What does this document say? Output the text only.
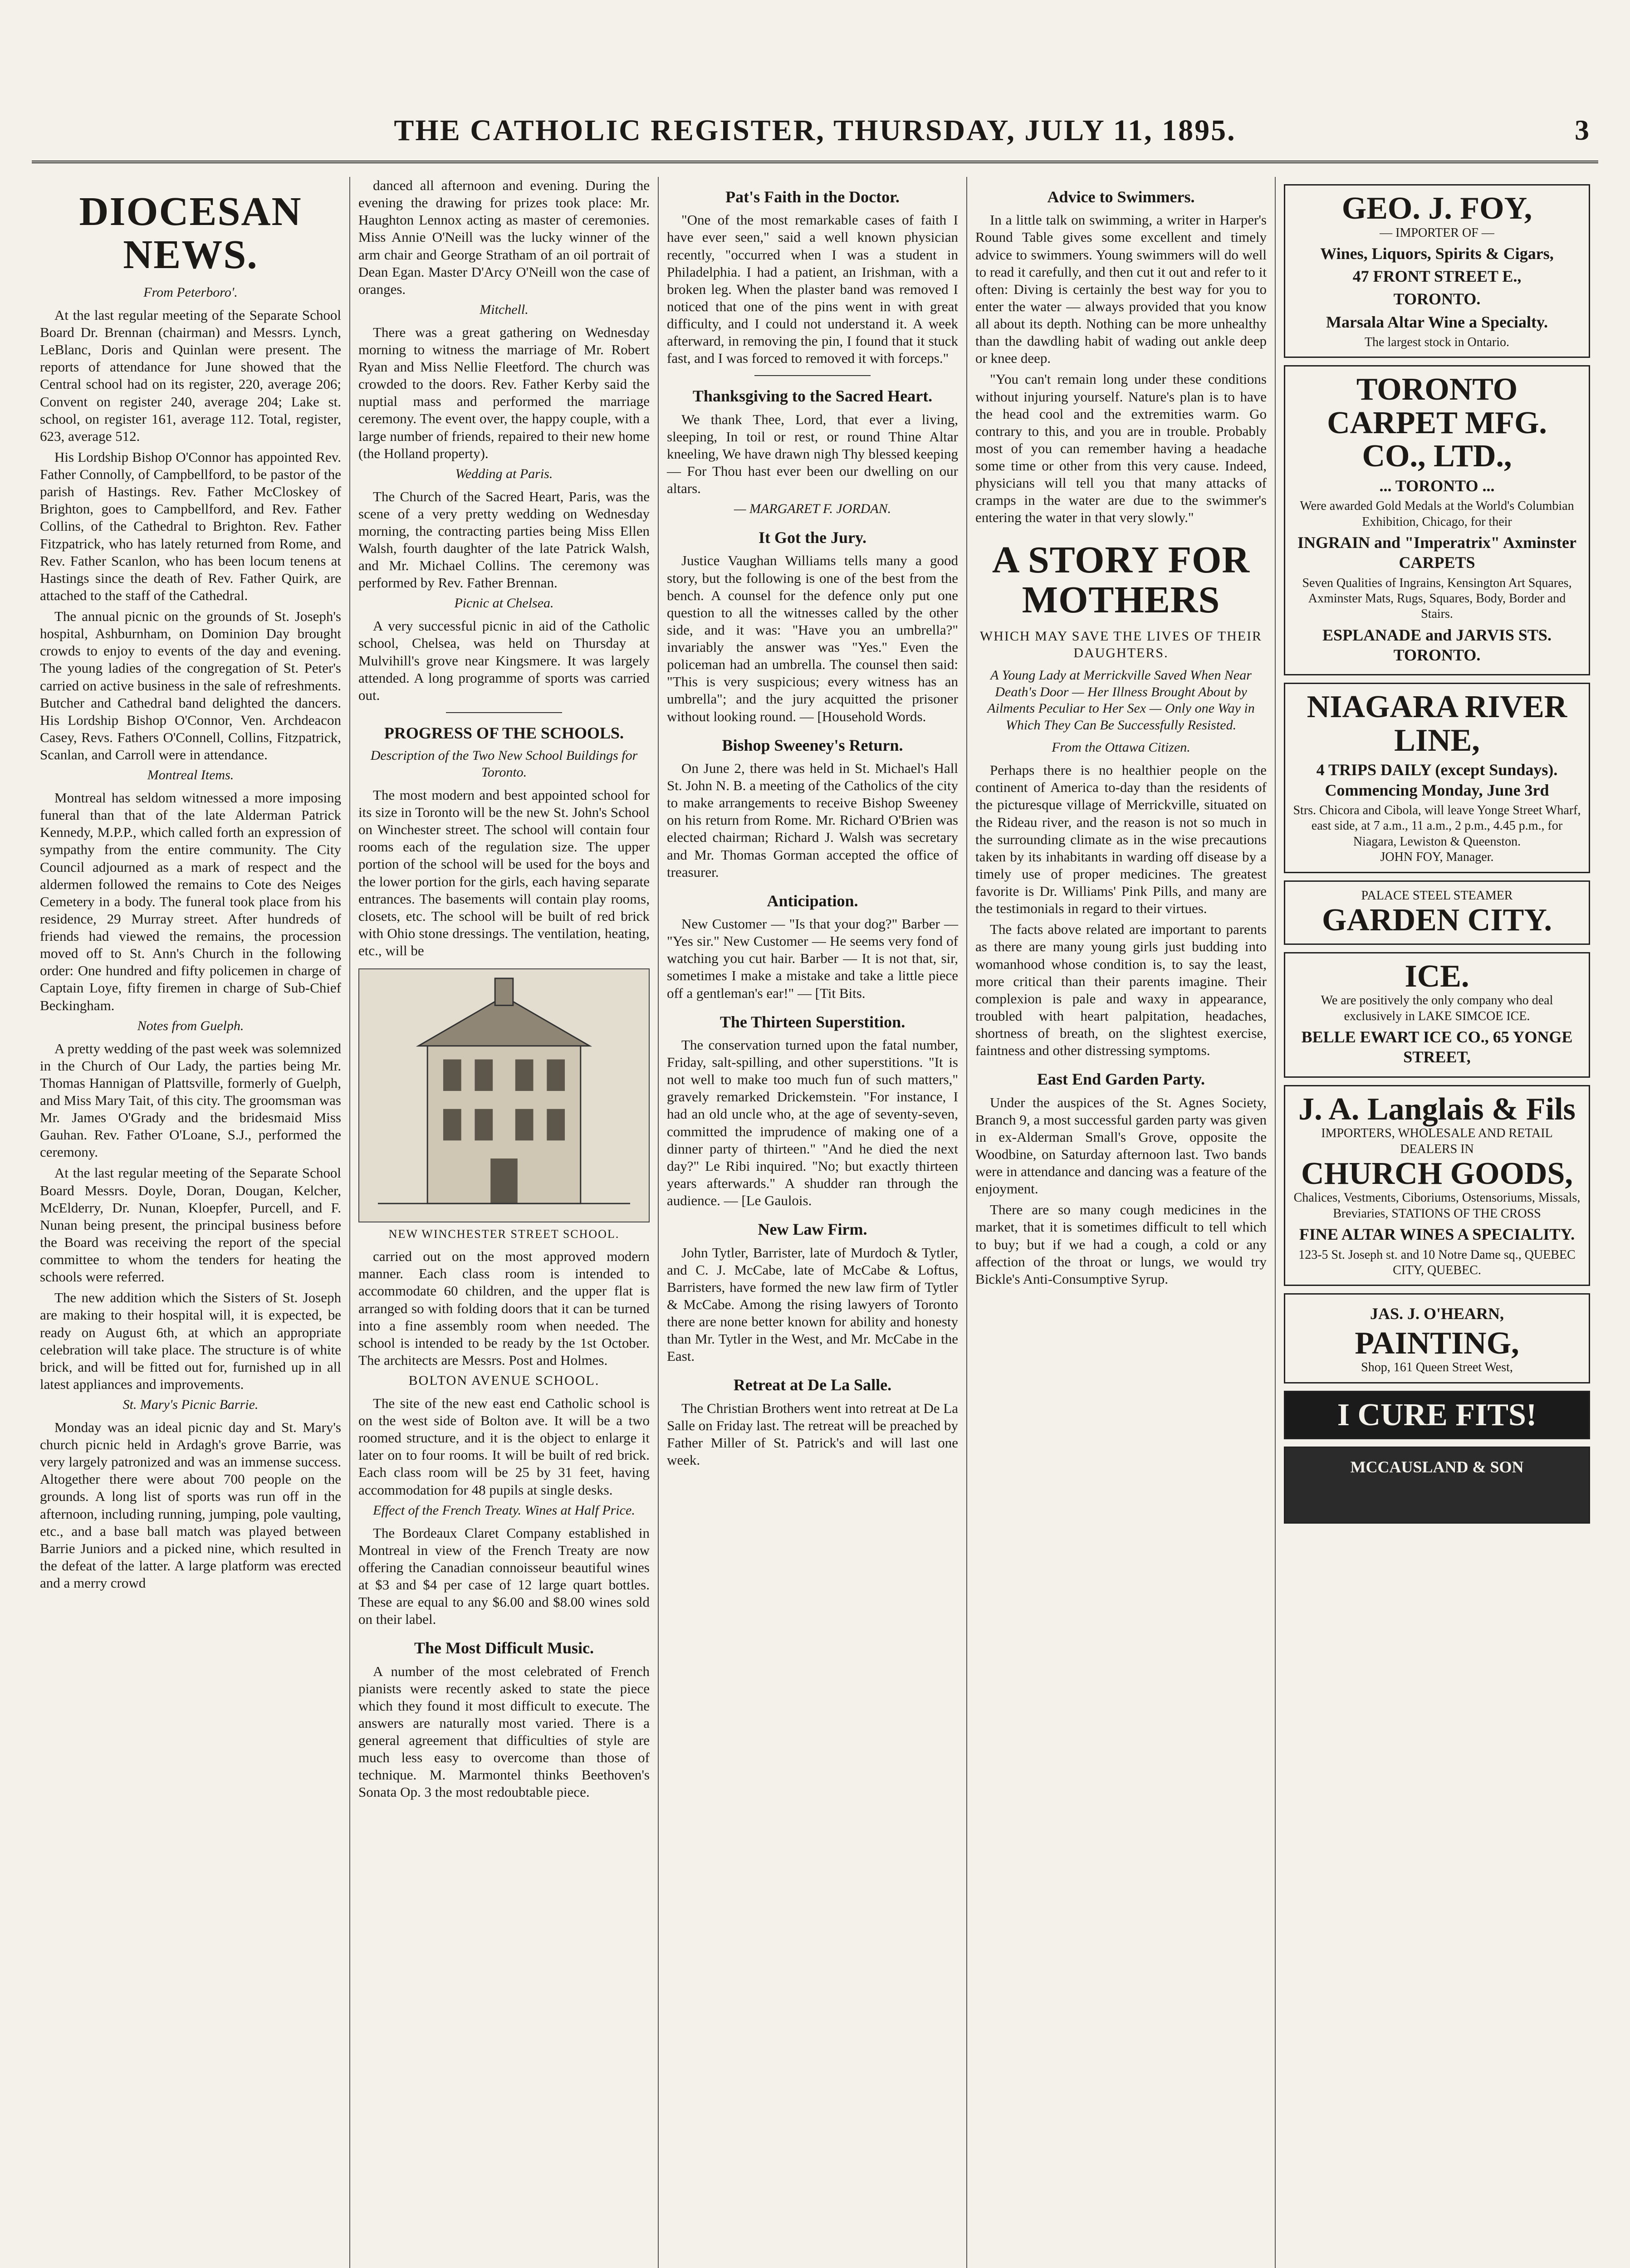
THE CATHOLIC REGISTER, THURSDAY, JULY 11, 1895.	3
DIOCESAN NEWS.
From Peterboro'.

At the last regular meeting of the Separate School Board Dr. Brennan (chairman) and Messrs. Lynch, LeBlanc, Doris and Quinlan were present. The reports of attendance for June showed that the Central school had on its register, 220, average 206; Convent on register 240, average 204; Lake st. school, on register 161, average 112. Total, register, 623, average 512.

His Lordship Bishop O'Connor has appointed Rev. Father Connolly, of Campbellford, to be pastor of the parish of Hastings. Rev. Father McCloskey of Brighton, goes to Campbellford, and Rev. Father Collins, of the Cathedral to Brighton. Rev. Father Fitzpatrick, who has lately returned from Rome, and Rev. Father Scanlon, who has been locum tenens at Hastings since the death of Rev. Father Quirk, are attached to the staff of the Cathedral.

The annual picnic on the grounds of St. Joseph's hospital, Ashburnham, on Dominion Day brought crowds to enjoy to events of the day and evening. The young ladies of the congregation of St. Peter's carried on active business in the sale of refreshments. Butcher and Cathedral band delighted the dancers. His Lordship Bishop O'Connor, Ven. Archdeacon Casey, Revs. Fathers O'Connell, Collins, Fitzpatrick, Scanlan, and Carroll were in attendance.

Montreal Items.

Montreal has seldom witnessed a more imposing funeral than that of the late Alderman Patrick Kennedy, M.P.P., which called forth an expression of sympathy from the entire community. The City Council adjourned as a mark of respect and the aldermen followed the remains to Cote des Neiges Cemetery in a body. The funeral took place from his residence, 29 Murray street. After hundreds of friends had viewed the remains, the procession moved off to St. Ann's Church in the following order: One hundred and fifty policemen in charge of Captain Loye, fifty firemen in charge of Sub-Chief Beckingham.

Notes from Guelph.

A pretty wedding of the past week was solemnized in the Church of Our Lady, the parties being Mr. Thomas Hannigan of Plattsville, formerly of Guelph, and Miss Mary Tait, of this city. The groomsman was Mr. James O'Grady and the bridesmaid Miss Gauhan. Rev. Father O'Loane, S.J., performed the ceremony.

At the last regular meeting of the Separate School Board Messrs. Doyle, Doran, Dougan, Kelcher, McElderry, Dr. Nunan, Kloepfer, Purcell, and F. Nunan being present, the principal business before the Board was receiving the report of the special committee to whom the tenders for heating the schools were referred.

The new addition which the Sisters of St. Joseph are making to their hospital will, it is expected, be ready on August 6th, at which an appropriate celebration will take place. The structure is of white brick, and will be fitted out for, furnished up in all latest appliances and improvements.

St. Mary's Picnic Barrie.

Monday was an ideal picnic day and St. Mary's church picnic held in Ardagh's grove Barrie, was very largely patronized and was an immense success. Altogether there were about 700 people on the grounds. A long list of sports was run off in the afternoon, including running, jumping, pole vaulting, etc., and a base ball match was played between Barrie Juniors and a picked nine, which resulted in the defeat of the latter. A large platform was erected and a merry crowd

danced all afternoon and evening. During the evening the drawing for prizes took place: Mr. Haughton Lennox acting as master of ceremonies. Miss Annie O'Neill was the lucky winner of the arm chair and George Stratham of an oil portrait of Dean Egan. Master D'Arcy O'Neill won the case of oranges.

Mitchell.

There was a great gathering on Wednesday morning to witness the marriage of Mr. Robert Ryan and Miss Nellie Fleetford. The church was crowded to the doors. Rev. Father Kerby said the nuptial mass and performed the marriage ceremony. The event over, the happy couple, with a large number of friends, repaired to their new home (the Holland property).

Wedding at Paris.

The Church of the Sacred Heart, Paris, was the scene of a very pretty wedding on Wednesday morning, the contracting parties being Miss Ellen Walsh, fourth daughter of the late Patrick Walsh, and Mr. Michael Collins. The ceremony was performed by Rev. Father Brennan.

Picnic at Chelsea.

A very successful picnic in aid of the Catholic school, Chelsea, was held on Thursday at Mulvihill's grove near Kingsmere. It was largely attended. A long programme of sports was carried out.

PROGRESS OF THE SCHOOLS.
Description of the Two New School Buildings for Toronto.

The most modern and best appointed school for its size in Toronto will be the new St. John's School on Winchester street. The school will contain four rooms each of the regulation size. The upper portion of the school will be used for the boys and the lower portion for the girls, each having separate entrances. The basements will contain play rooms, closets, etc. The school will be built of red brick with Ohio stone dressings. The ventilation, heating, etc., will be

NEW WINCHESTER STREET SCHOOL.

carried out on the most approved modern manner. Each class room is intended to accommodate 60 children, and the upper flat is arranged so with folding doors that it can be turned into a fine assembly room when needed. The school is intended to be ready by the 1st October. The architects are Messrs. Post and Holmes.

BOLTON AVENUE SCHOOL.

The site of the new east end Catholic school is on the west side of Bolton ave. It will be a two roomed structure, and it is the object to enlarge it later on to four rooms. It will be built of red brick. Each class room will be 25 by 31 feet, having accommodation for 48 pupils at single desks.

Effect of the French Treaty. Wines at Half Price.

The Bordeaux Claret Company established in Montreal in view of the French Treaty are now offering the Canadian connoisseur beautiful wines at $3 and $4 per case of 12 large quart bottles. These are equal to any $6.00 and $8.00 wines sold on their label.

The Most Difficult Music.

A number of the most celebrated of French pianists were recently asked to state the piece which they found it most difficult to execute. The answers are naturally most varied. There is a general agreement that difficulties of style are much less easy to overcome than those of technique. M. Marmontel thinks Beethoven's Sonata Op. 3 the most redoubtable piece.

Pat's Faith in the Doctor.

"One of the most remarkable cases of faith I have ever seen," said a well known physician recently, "occurred when I was a student in Philadelphia. I had a patient, an Irishman, with a broken leg. When the plaster band was removed I noticed that one of the pins went in with great difficulty, and I could not understand it. A week afterward, in removing the pin, I found that it stuck fast, and I was forced to removed it with forceps."

Thanksgiving to the Sacred Heart.

We thank Thee, Lord, that ever a living, sleeping, In toil or rest, or round Thine Altar kneeling, We have drawn nigh Thy blessed keeping — For Thou hast ever been our dwelling on our altars.

— MARGARET F. JORDAN.
It Got the Jury.

Justice Vaughan Williams tells many a good story, but the following is one of the best from the bench. A counsel for the defence only put one question to all the witnesses called by the other side, and it was: "Have you an umbrella?" invariably the answer was "Yes." Even the policeman had an umbrella. The counsel then said: "This is very suspicious; every witness has an umbrella"; and the jury acquitted the prisoner without looking round. — [Household Words.

Bishop Sweeney's Return.

On June 2, there was held in St. Michael's Hall St. John N. B. a meeting of the Catholics of the city to make arrangements to receive Bishop Sweeney on his return from Rome. Mr. Richard O'Brien was elected chairman; Richard J. Walsh was secretary and Mr. Thomas Gorman accepted the office of treasurer.

Anticipation.

New Customer — "Is that your dog?" Barber — "Yes sir." New Customer — He seems very fond of watching you cut hair. Barber — It is not that, sir, sometimes I make a mistake and take a little piece off a gentleman's ear!" — [Tit Bits.

The Thirteen Superstition.

The conservation turned upon the fatal number, Friday, salt-spilling, and other superstitions. "It is not well to make too much fun of such matters," gravely remarked Drickemstein. "For instance, I had an old uncle who, at the age of seventy-seven, committed the imprudence of making one of a dinner party of thirteen." "And he died the next day?" Le Ribi inquired. "No; but exactly thirteen years afterwards." A shudder ran through the audience. — [Le Gaulois.

New Law Firm.

John Tytler, Barrister, late of Murdoch & Tytler, and C. J. McCabe, late of McCabe & Loftus, Barristers, have formed the new law firm of Tytler & McCabe. Among the rising lawyers of Toronto there are none better known for ability and honesty than Mr. Tytler in the West, and Mr. McCabe in the East.

Retreat at De La Salle.

The Christian Brothers went into retreat at De La Salle on Friday last. The retreat will be preached by Father Miller of St. Patrick's and will last one week.

Advice to Swimmers.

In a little talk on swimming, a writer in Harper's Round Table gives some excellent and timely advice to swimmers. Young swimmers will do well to read it carefully, and then cut it out and refer to it often: Diving is certainly the best way for you to enter the water — always provided that you know all about its depth. Nothing can be more unhealthy than the dawdling habit of wading out ankle deep or knee deep.

"You can't remain long under these conditions without injuring yourself. Nature's plan is to have the head cool and the extremities warm. Go contrary to this, and you are in trouble. Probably most of you can remember having a headache some time or other from this very cause. Indeed, physicians will tell you that many attacks of cramps in the water are due to the swimmer's entering the water in that very slowly."

A STORY FOR MOTHERS
WHICH MAY SAVE THE LIVES OF THEIR DAUGHTERS.
A Young Lady at Merrickville Saved When Near Death's Door — Her Illness Brought About by Ailments Peculiar to Her Sex — Only one Way in Which They Can Be Successfully Resisted.
From the Ottawa Citizen.

Perhaps there is no healthier people on the continent of America to-day than the residents of the picturesque village of Merrickville, situated on the Rideau river, and the reason is not so much in the surrounding climate as in the wise precautions taken by its inhabitants in warding off disease by a timely use of proper medicines. The greatest favorite is Dr. Williams' Pink Pills, and many are the testimonials in regard to their virtues.

The facts above related are important to parents as there are many young girls just budding into womanhood whose condition is, to say the least, more critical than their parents imagine. Their complexion is pale and waxy in appearance, troubled with heart palpitation, headaches, shortness of breath, on the slightest exercise, faintness and other distressing symptoms.

East End Garden Party.

Under the auspices of the St. Agnes Society, Branch 9, a most successful garden party was given in ex-Alderman Small's Grove, opposite the Woodbine, on Saturday afternoon last. Two bands were in attendance and dancing was a feature of the enjoyment.

There are so many cough medicines in the market, that it is sometimes difficult to tell which to buy; but if we had a cough, a cold or any affection of the throat or lungs, we would try Bickle's Anti-Consumptive Syrup.

GEO. J. FOY,
— IMPORTER OF —
Wines, Liquors, Spirits & Cigars,
47 FRONT STREET E.,
TORONTO.
Marsala Altar Wine a Specialty.
The largest stock in Ontario.
TORONTO CARPET MFG. CO., LTD.,
... TORONTO ...
Were awarded Gold Medals at the World's Columbian Exhibition, Chicago, for their
INGRAIN and "Imperatrix" Axminster CARPETS
Seven Qualities of Ingrains, Kensington Art Squares, Axminster Mats, Rugs, Squares, Body, Border and Stairs.
ESPLANADE and JARVIS STS. TORONTO.
NIAGARA RIVER LINE,
4 TRIPS DAILY (except Sundays). Commencing Monday, June 3rd
Strs. Chicora and Cibola, will leave Yonge Street Wharf, east side, at 7 a.m., 11 a.m., 2 p.m., 4.45 p.m., for Niagara, Lewiston & Queenston.
JOHN FOY, Manager.
PALACE STEEL STEAMER
GARDEN CITY.
ICE.
We are positively the only company who deal exclusively in LAKE SIMCOE ICE.
BELLE EWART ICE CO., 65 YONGE STREET,
J. A. Langlais & Fils
IMPORTERS, WHOLESALE AND RETAIL DEALERS IN
CHURCH GOODS,
Chalices, Vestments, Ciboriums, Ostensoriums, Missals, Breviaries, STATIONS OF THE CROSS
FINE ALTAR WINES A SPECIALITY.
123-5 St. Joseph st. and 10 Notre Dame sq., QUEBEC CITY, QUEBEC.
JAS. J. O'HEARN,
PAINTING,
Shop, 161 Queen Street West,
I CURE FITS!
MCCAUSLAND & SON
